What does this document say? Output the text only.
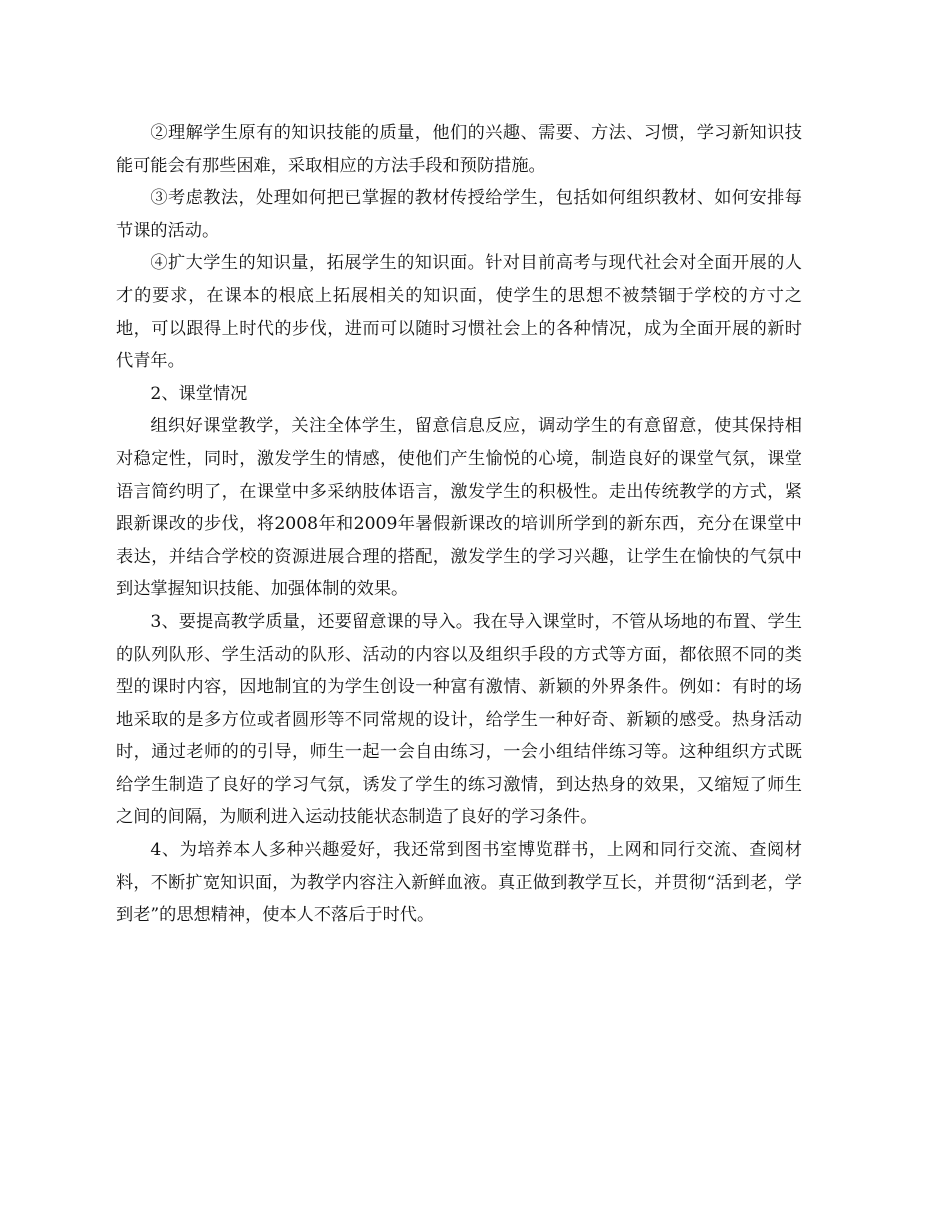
②理解学生原有的知识技能的质量，他们的兴趣、需要、方法、习惯，学习新知识技能可能会有那些困难，采取相应的方法手段和预防措施。

③考虑教法，处理如何把已掌握的教材传授给学生，包括如何组织教材、如何安排每节课的活动。

④扩大学生的知识量，拓展学生的知识面。针对目前高考与现代社会对全面开展的人才的要求，在课本的根底上拓展相关的知识面，使学生的思想不被禁锢于学校的方寸之地，可以跟得上时代的步伐，进而可以随时习惯社会上的各种情况，成为全面开展的新时代青年。

2、课堂情况

组织好课堂教学，关注全体学生，留意信息反应，调动学生的有意留意，使其保持相对稳定性，同时，激发学生的情感，使他们产生愉悦的心境，制造良好的课堂气氛，课堂语言简约明了，在课堂中多采纳肢体语言，激发学生的积极性。走出传统教学的方式，紧跟新课改的步伐，将2008年和2009年暑假新课改的培训所学到的新东西，充分在课堂中表达，并结合学校的资源进展合理的搭配，激发学生的学习兴趣，让学生在愉快的气氛中到达掌握知识技能、加强体制的效果。

3、要提高教学质量，还要留意课的导入。我在导入课堂时，不管从场地的布置、学生的队列队形、学生活动的队形、活动的内容以及组织手段的方式等方面，都依照不同的类型的课时内容，因地制宜的为学生创设一种富有激情、新颖的外界条件。例如：有时的场地采取的是多方位或者圆形等不同常规的设计，给学生一种好奇、新颖的感受。热身活动时，通过老师的的引导，师生一起一会自由练习，一会小组结伴练习等。这种组织方式既给学生制造了良好的学习气氛，诱发了学生的练习激情，到达热身的效果，又缩短了师生之间的间隔，为顺利进入运动技能状态制造了良好的学习条件。

4、为培养本人多种兴趣爱好，我还常到图书室博览群书，上网和同行交流、查阅材料，不断扩宽知识面，为教学内容注入新鲜血液。真正做到教学互长，并贯彻“活到老，学到老”的思想精神，使本人不落后于时代。
